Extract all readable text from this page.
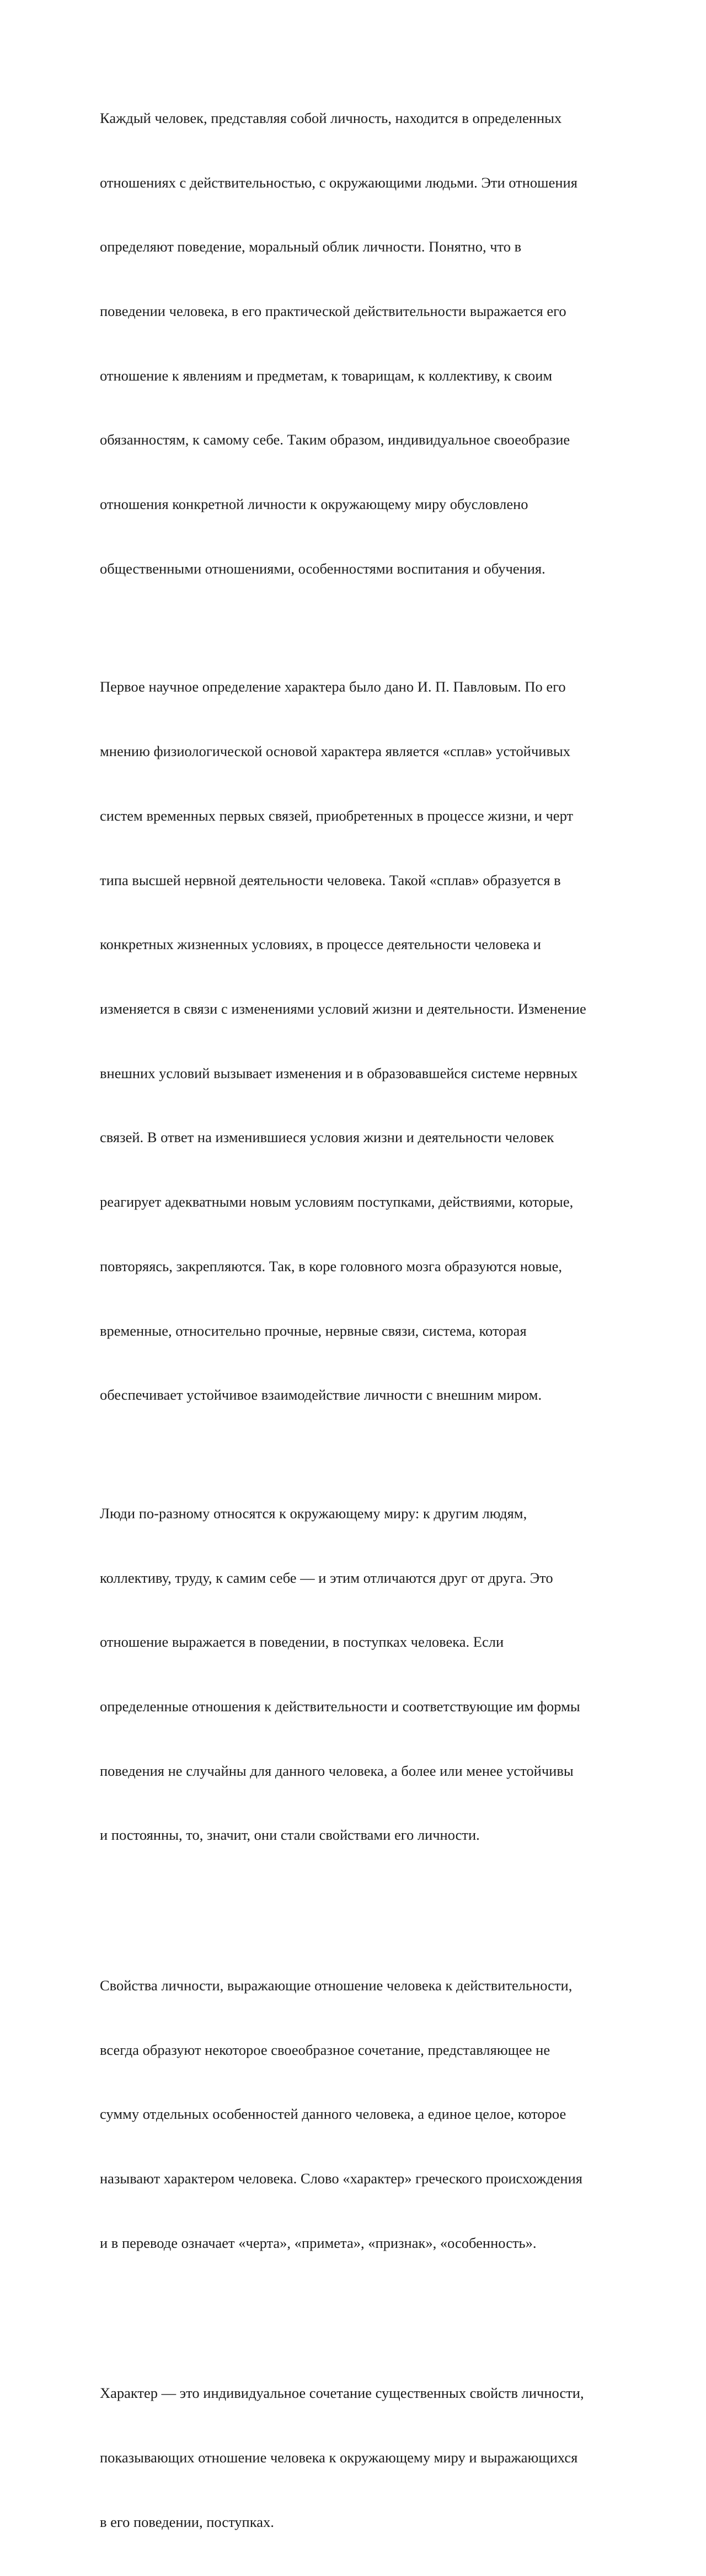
Каждый человек, представляя собой личность, находится в определенных

отношениях с действительностью, с окружающими людьми. Эти отношения

определяют поведение, моральный облик личности. Понятно, что в

поведении человека, в его практической действительности выражается его

отношение к явлениям и предметам, к товарищам, к коллективу, к своим

обязанностям, к самому себе. Таким образом, индивидуальное своеобразие

отношения конкретной личности к окружающему миру обусловлено

общественными отношениями, особенностями воспитания и обучения.

Первое научное определение характера было дано И. П. Павловым. По его

мнению физиологической основой характера является «сплав» устойчивых

систем временных первых связей, приобретенных в процессе жизни, и черт

типа высшей нервной деятельности человека. Такой «сплав» образуется в

конкретных жизненных условиях, в процессе деятельности человека и

изменяется в связи с изменениями условий жизни и деятельности. Изменение

внешних условий вызывает изменения и в образовавшейся системе нервных

связей. В ответ на изменившиеся условия жизни и деятельности человек

реагирует адекватными новым условиям поступками, действиями, которые,

повторяясь, закрепляются. Так, в коре головного мозга образуются новые,

временные, относительно прочные, нервные связи, система, которая

обеспечивает устойчивое взаимодействие личности с внешним миром.

Люди по-разному относятся к окружающему миру: к другим людям,

коллективу, труду, к самим себе — и этим отличаются друг от друга. Это

отношение выражается в поведении, в поступках человека. Если

определенные отношения к действительности и соответствующие им формы

поведения не случайны для данного человека, а более или менее устойчивы

и постоянны, то, значит, они стали свойствами его личности.

Свойства личности, выражающие отношение человека к действительности,

всегда образуют некоторое своеобразное сочетание, представляющее не

сумму отдельных особенностей данного человека, а единое целое, которое

называют характером человека. Слово «характер» греческого происхождения

и в переводе означает «черта», «примета», «признак», «особенность».

Характер — это индивидуальное сочетание существенных свойств личности,

показывающих отношение человека к окружающему миру и выражающихся

в его поведении, поступках.
